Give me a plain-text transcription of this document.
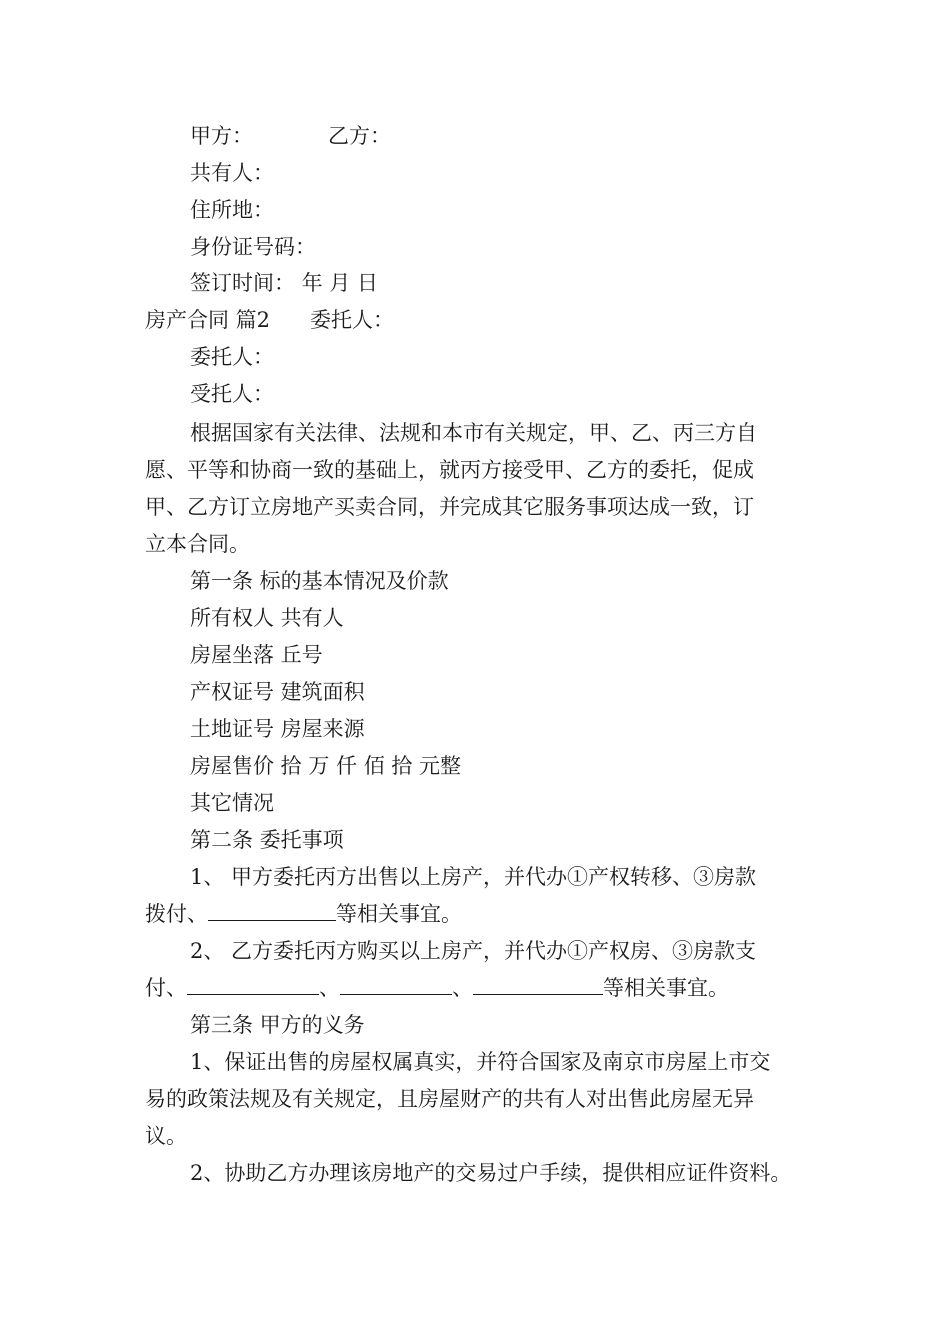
甲方：	乙方：
共有人：
住所地：
身份证号码：
签订时间： 年 月 日
房产合同 篇2 委托人：
委托人：
受托人：
根据国家有关法律、法规和本市有关规定，甲、乙、丙三方自
愿、平等和协商一致的基础上，就丙方接受甲、乙方的委托，促成
甲、乙方订立房地产买卖合同，并完成其它服务事项达成一致，订
立本合同。
第一条 标的基本情况及价款
所有权人 共有人
房屋坐落 丘号
产权证号 建筑面积
土地证号 房屋来源
房屋售价 拾 万 仟 佰 拾 元整
其它情况
第二条 委托事项
1、 甲方委托丙方出售以上房产，并代办①产权转移、③房款
拨付、	等相关事宜。
2、 乙方委托丙方购买以上房产，并代办①产权房、③房款支
付、	、	、	等相关事宜。
第三条 甲方的义务
1、保证出售的房屋权属真实，并符合国家及南京市房屋上市交
易的政策法规及有关规定，且房屋财产的共有人对出售此房屋无异
议。
2、协助乙方办理该房地产的交易过户手续，提供相应证件资料。
